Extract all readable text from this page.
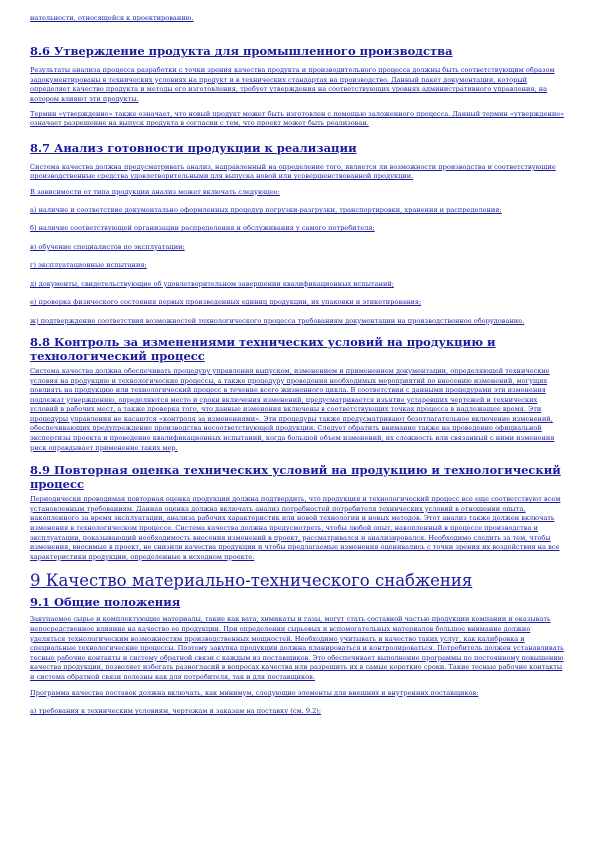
нательности, относящейся к проектированию.

8.6 Утверждение продукта для промышленного производства

Результаты анализа процесса разработки с точки зрения качества продукта и производительного процесса должны быть соответствующим образом задокументированы в технических условиях на продукт и в технических стандартах на производство. Данный пакет документации, который определяет качество продукта и методы его изготовления, требует утверждения на соответствующих уровнях административного управления, на котором влияют эти продукты.

Термин «утверждение» также означает, что новый продукт может быть изготовлен с помощью заложенного процесса. Данный термин «утверждение» означает разрешение на выпуск продукта в согласии с тем, что проект может быть реализован.

8.7 Анализ готовности продукции к реализации

Система качества должна предусматривать анализ, направленный на определение того, является ли возможности производства и соответствующие производственные средства удовлетворительными для выпуска новой или усовершенствованной продукции.

В зависимости от типа продукции анализ может включать следующее:

а) наличие и соответствие документально оформленных процедур погрузки-разгрузки, транспортировки, хранения и распределения;

б) наличие соответствующей организации распределения и обслуживания у самого потребителя;

в) обучение специалистов по эксплуатации;

г) эксплуатационные испытания;

д) документы, свидетельствующие об удовлетворительном завершении квалификационных испытаний;

е) проверка физического состояния первых произведенных единиц продукции, их упаковки и этикетирования;

ж) подтверждение соответствия возможностей технологического процесса требованиям документации на производственное оборудование.

8.8 Контроль за изменениями технических условий на продукцию и технологический процесс

Система качества должна обеспечивать процедуру управления выпуском, изменением и применением документации, определяющей технические условия на продукцию и технологические процессы, а также процедуру проведения необходимых мероприятий по внесению изменений, могущих повлиять на продукцию или технологический процесс в течение всего жизненного цикла. В соответствии с данными процедурами эти изменения подлежат утверждению, определяются место и сроки включения изменений, предусматривается изъятие устаревших чертежей и технических условий в рабочих мест, а также проверка того, что данные изменения включены в соответствующих точках процесса в надлежащее время. Эти процедуры управления не касаются «контроля за изменениями». Эти процедуры также предусматривают безотлагательное включение изменений, обеспечивающих предупреждение производства несоответствующей продукции. Следует обратить внимание также на проведение официальной экспертизы проекта и проведение квалификационных испытаний, когда большой объем изменений, их сложность или связанный с ними изменения риск оправдывает применение таких мер.

8.9 Повторная оценка технических условий на продукцию и технологический процесс

Периодически проводимая повторная оценка продукции должна подтвердить, что продукция и технологический процесс все еще соответствуют всем установленным требованиям. Данная оценка должна включать анализ потребностей потребителя технических условий в отношении опыта, накопленного за время эксплуатации, анализа рабочих характеристик или новой технологии и новых методов. Этот анализ также должен включать изменения в технологическом процессе. Система качества должна предусмотреть, чтобы любой опыт, накопленный в процессе производства и эксплуатации, показывающий необходимость внесения изменений в проект, рассматривался и анализировался. Необходимо следить за тем, чтобы изменения, вносимые в проект, не снизили качества продукции и чтобы предлагаемые изменения оценивались с точки зрения их воздействия на все характеристики продукции, определенные в исходном проекте.

9 Качество материально-технического снабжения
9.1 Общие положения

Закупаемое сырье и комплектующие материалы, такие как вата, химикаты и газы, могут стать составной частью продукции компании и оказывать непосредственное влияние на качество ее продукции. При определении сырьевых и вспомогательных материалов большое внимание должно уделяться технологическим возможностям производственных мощностей. Необходимо учитывать и качество таких услуг, как калибровка и специальные технологические процессы. Поэтому закупка продукции должна планироваться и контролироваться. Потребитель должен устанавливать тесные рабочие контакты и систему обратной связи с каждым из поставщиков. Это обеспечивает выполнение программы по постоянному повышению качества продукции, позволяет избегать разногласий в вопросах качества или разрешить их в самые короткие сроки. Такие тесные рабочие контакты и система обратной связи полезны как для потребителя, так и для поставщиков.

Программа качества поставок должна включать, как минимум, следующие элементы для внешних и внутренних поставщиков:

а) требования к техническим условиям, чертежам и заказам на поставку (см. 9.2);
